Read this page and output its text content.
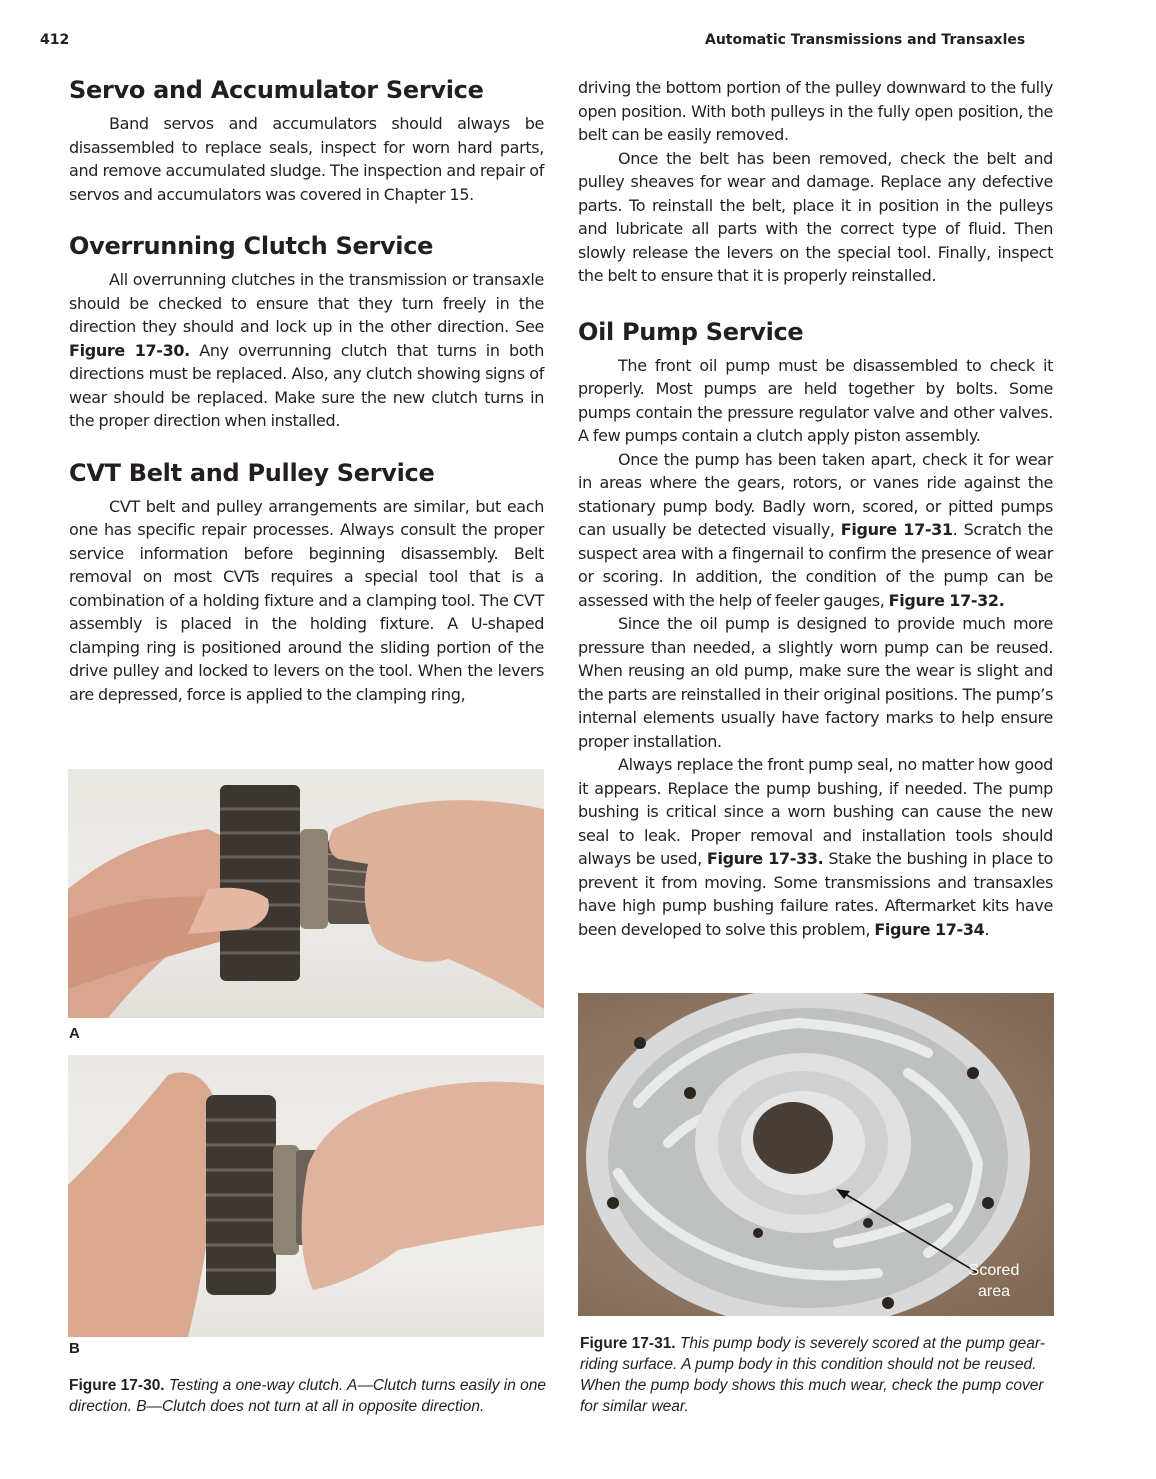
412	Automatic Transmissions and Transaxles
Servo and Accumulator Service

Band servos and accumulators should always be disassembled to replace seals, inspect for worn hard parts, and remove accumulated sludge. The inspection and repair of servos and accumulators was covered in Chapter 15.

Overrunning Clutch Service

All overrunning clutches in the transmission or transaxle should be checked to ensure that they turn freely in the direction they should and lock up in the other direction. See Figure 17-30. Any overrunning clutch that turns in both directions must be replaced. Also, any clutch showing signs of wear should be replaced. Make sure the new clutch turns in the proper direction when installed.

CVT Belt and Pulley Service

CVT belt and pulley arrangements are similar, but each one has specific repair processes. Always consult the proper service information before beginning disassembly. Belt removal on most CVTs requires a special tool that is a combination of a holding fixture and a clamping tool. The CVT assembly is placed in the holding fixture. A U-shaped clamping ring is positioned around the sliding portion of the drive pulley and locked to levers on the tool. When the levers are depressed, force is applied to the clamping ring,

driving the bottom portion of the pulley downward to the fully open position. With both pulleys in the fully open position, the belt can be easily removed.

Once the belt has been removed, check the belt and pulley sheaves for wear and damage. Replace any defective parts. To reinstall the belt, place it in position in the pulleys and lubricate all parts with the correct type of fluid. Then slowly release the levers on the special tool. Finally, inspect the belt to ensure that it is properly reinstalled.

Oil Pump Service

The front oil pump must be disassembled to check it properly. Most pumps are held together by bolts. Some pumps contain the pressure regulator valve and other valves. A few pumps contain a clutch apply piston assembly.

Once the pump has been taken apart, check it for wear in areas where the gears, rotors, or vanes ride against the stationary pump body. Badly worn, scored, or pitted pumps can usually be detected visually, Figure 17-31. Scratch the suspect area with a fingernail to confirm the presence of wear or scoring. In addition, the condition of the pump can be assessed with the help of feeler gauges, Figure 17-32.

Since the oil pump is designed to provide much more pressure than needed, a slightly worn pump can be reused. When reusing an old pump, make sure the wear is slight and the parts are reinstalled in their original positions. The pump’s internal elements usually have factory marks to help ensure proper installation.

Always replace the front pump seal, no matter how good it appears. Replace the pump bushing, if needed. The pump bushing is critical since a worn bushing can cause the new seal to leak. Proper removal and installation tools should always be used, Figure 17-33. Stake the bushing in place to prevent it from moving. Some transmissions and transaxles have high pump bushing failure rates. Aftermarket kits have been developed to solve this problem, Figure 17-34.

A
B
Figure 17-30. Testing a one-way clutch. A—Clutch turns easily in one direction. B—Clutch does not turn at all in opposite direction.
Scored
area
Figure 17-31. This pump body is severely scored at the pump gear-riding surface. A pump body in this condition should not be reused. When the pump body shows this much wear, check the pump cover for similar wear.
